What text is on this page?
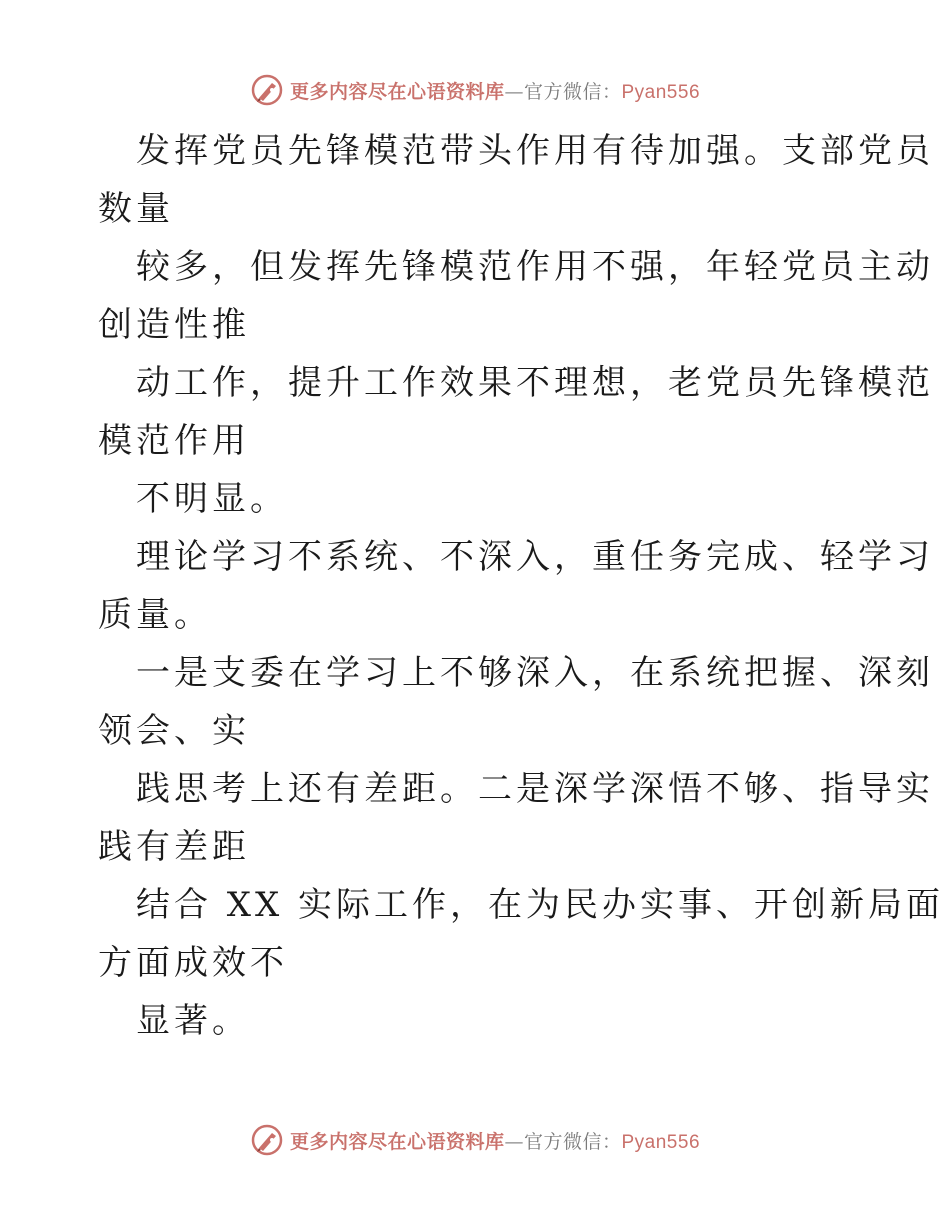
更多内容尽在心语资料库—官方微信：Pyan556
发挥党员先锋模范带头作用有待加强。支部党员
数量
较多，但发挥先锋模范作用不强，年轻党员主动
创造性推
动工作，提升工作效果不理想，老党员先锋模范
模范作用
不明显。
理论学习不系统、不深入，重任务完成、轻学习
质量。
一是支委在学习上不够深入，在系统把握、深刻
领会、实
践思考上还有差距。二是深学深悟不够、指导实
践有差距
结合 XX 实际工作，在为民办实事、开创新局面
方面成效不
显著。
更多内容尽在心语资料库—官方微信：Pyan556
